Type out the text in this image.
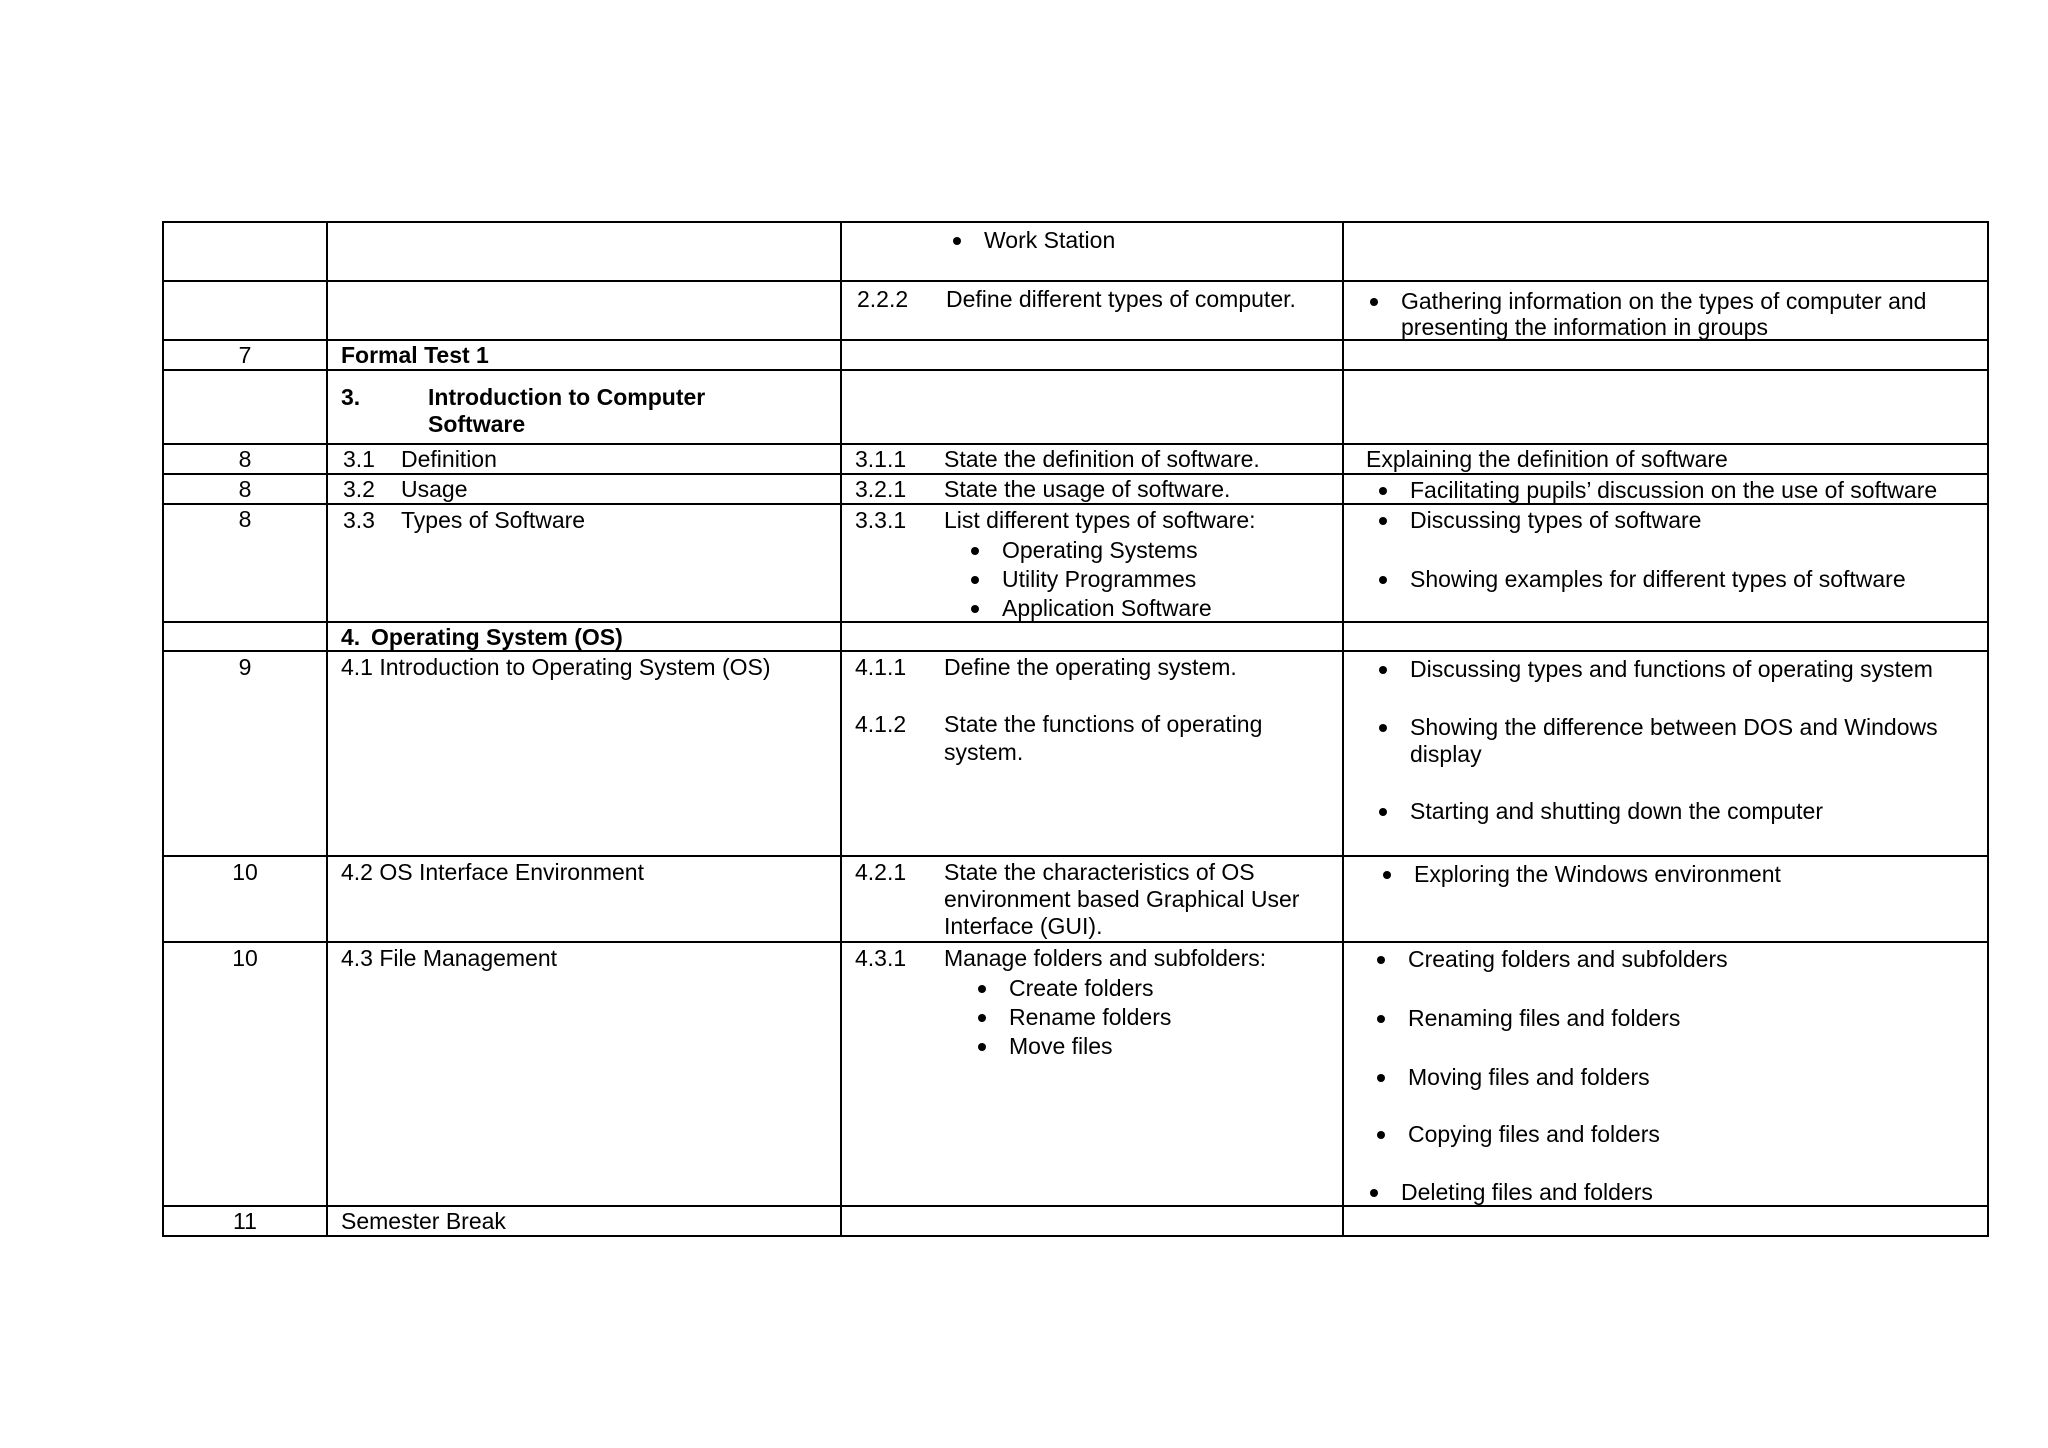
		Work Station	

		2.2.2 Define different types of computer.	Gathering information on the types of computer and
presenting the information in groups

7	Formal Test 1		

	3. Introduction to Computer
Software		

8	3.1 Definition	3.1.1 State the definition of software.	Explaining the definition of software

8	3.2 Usage	3.2.1 State the usage of software.	Facilitating pupils’ discussion on the use of software

8	3.3 Types of Software	3.3.1 List different types of software:
Operating Systems
Utility Programmes
Application Software	Discussing types of software
Showing examples for different types of software

	4. Operating System (OS)		

9	4.1 Introduction to Operating System (OS)	4.1.1 Define the operating system.
4.1.2 State the functions of operating
system.	Discussing types and functions of operating system
Showing the difference between DOS and Windows
display
Starting and shutting down the computer

10	4.2 OS Interface Environment	4.2.1 State the characteristics of OS
environment based Graphical User
Interface (GUI).	Exploring the Windows environment

10	4.3 File Management	4.3.1 Manage folders and subfolders:
Create folders
Rename folders
Move files	Creating folders and subfolders
Renaming files and folders
Moving files and folders
Copying files and folders
Deleting files and folders

11	Semester Break		
